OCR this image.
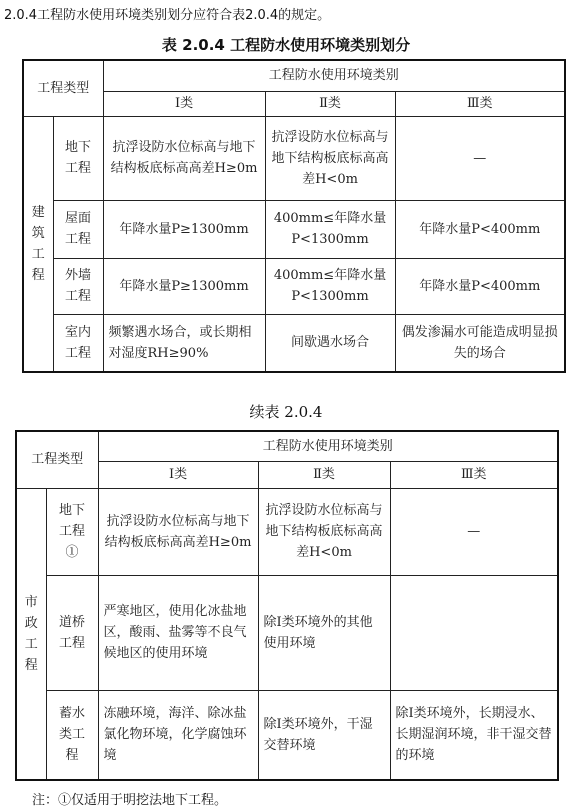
2.0.4工程防水使用环境类别划分应符合表2.0.4的规定。
表 2.0.4 工程防水使用环境类别划分
工程类型		工程防水使用环境类别		
		Ⅰ类	Ⅱ类	Ⅲ类

建筑工程	地下工程	抗浮设防水位标高与地下结构板底标高高差H≥0m	抗浮设防水位标高与地下结构板底标高高差H<0m	—

	屋面工程	年降水量P≥1300mm	400mm≤年降水量P<1300mm	年降水量P<400mm

	外墙工程	年降水量P≥1300mm	400mm≤年降水量P<1300mm	年降水量P<400mm

	室内工程	频繁遇水场合，或长期相对湿度RH≥90%	间歇遇水场合	偶发渗漏水可能造成明显损失的场合
续表 2.0.4
工程类型		工程防水使用环境类别		
		Ⅰ类	Ⅱ类	Ⅲ类

市政工程	地下工程①	抗浮设防水位标高与地下结构板底标高高差H≥0m	抗浮设防水位标高与地下结构板底标高高差H<0m	—

	道桥工程	严寒地区，使用化冰盐地区，酸雨、盐雾等不良气候地区的使用环境	除Ⅰ类环境外的其他使用环境	

	蓄水类工程	冻融环境，海洋、除冰盐氯化物环境，化学腐蚀环境	除Ⅰ类环境外，干湿交替环境	除Ⅰ类环境外，长期浸水、长期湿润环境，非干湿交替的环境
注：①仅适用于明挖法地下工程。
